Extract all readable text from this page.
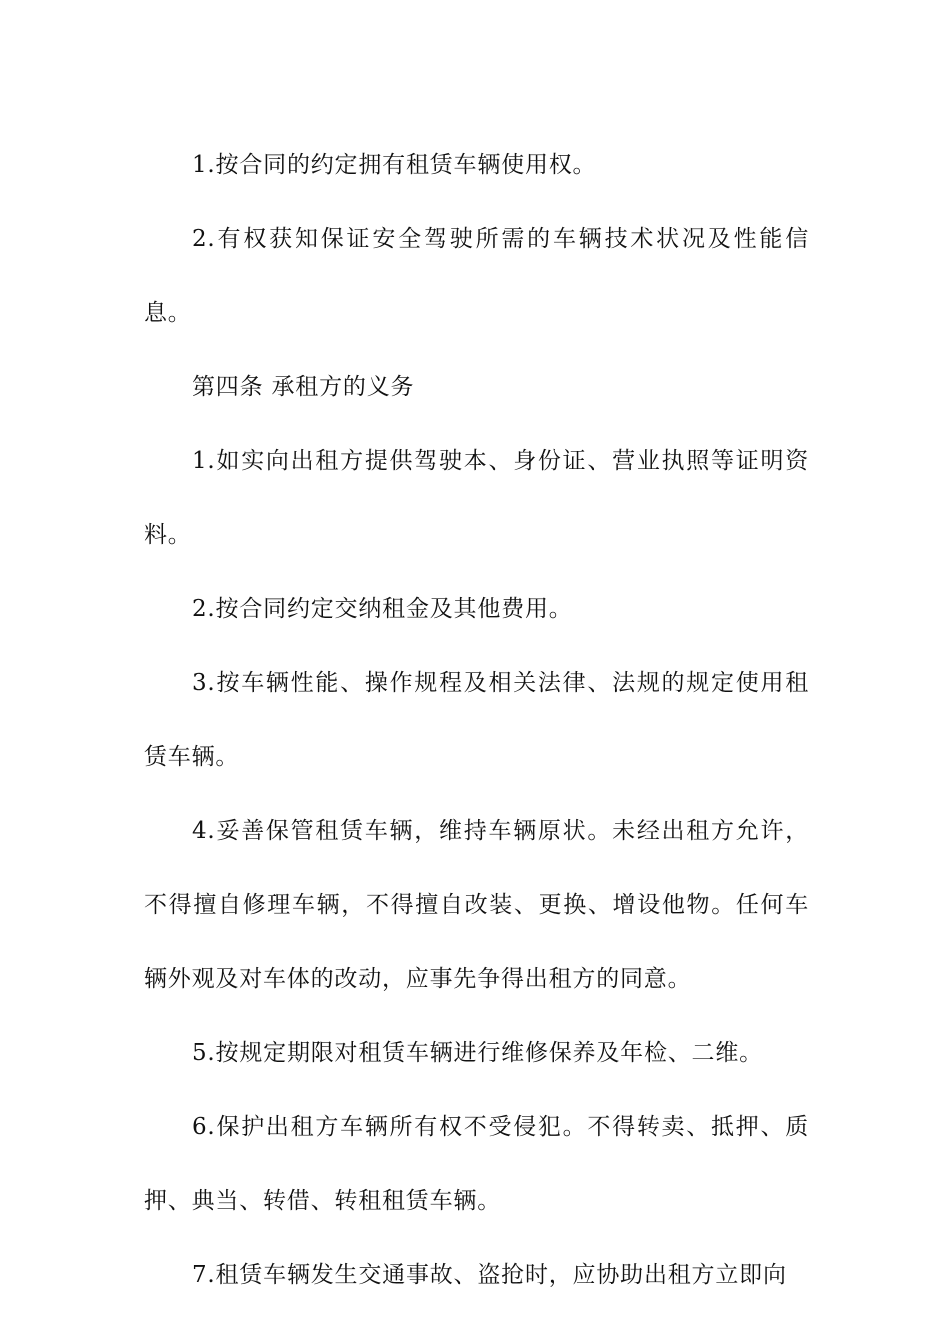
1.按合同的约定拥有租赁车辆使用权。

2.有权获知保证安全驾驶所需的车辆技术状况及性能信息。

第四条 承租方的义务

1.如实向出租方提供驾驶本、身份证、营业执照等证明资料。

2.按合同约定交纳租金及其他费用。

3.按车辆性能、操作规程及相关法律、法规的规定使用租赁车辆。

4.妥善保管租赁车辆，维持车辆原状。未经出租方允许，不得擅自修理车辆，不得擅自改装、更换、增设他物。任何车辆外观及对车体的改动，应事先争得出租方的同意。

5.按规定期限对租赁车辆进行维修保养及年检、二维。

6.保护出租方车辆所有权不受侵犯。不得转卖、抵押、质押、典当、转借、转租租赁车辆。

7.租赁车辆发生交通事故、盗抢时，应协助出租方立即向
